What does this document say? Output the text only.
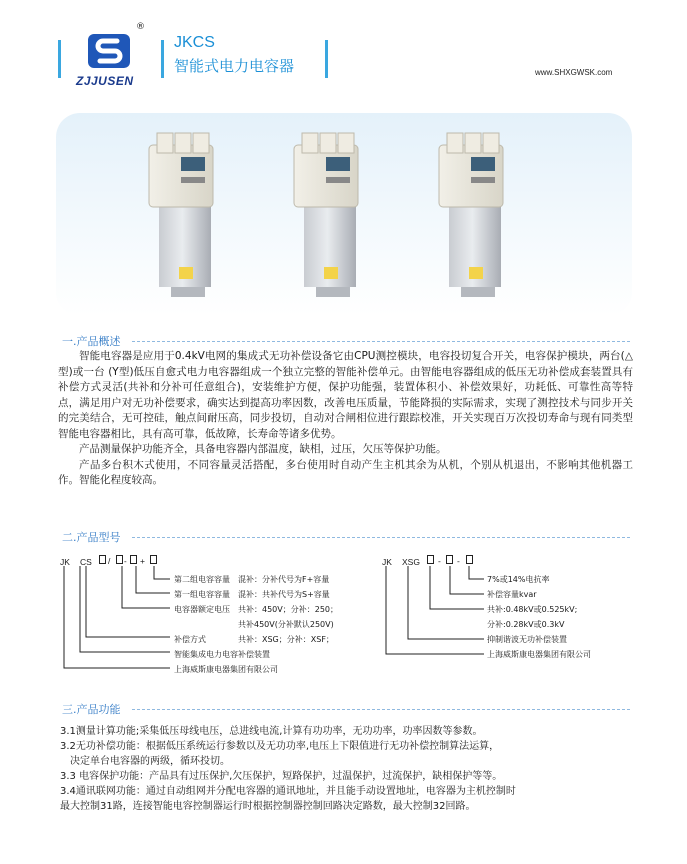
®
ZJJUSEN
JKCS
智能式电力电容器	www.SHXGWSK.com
一.产品概述

智能电容器是应用于0.4kV电网的集成式无功补偿设备它由CPU测控模块，电容投切复合开关，电容保护模块，两台(△型)或一台 (Y型)低压自愈式电力电容器组成一个独立完整的智能补偿单元。由智能电容器组成的低压无功补偿成套装置具有补偿方式灵活(共补和分补可任意组合)，安装维护方便，保护功能强，装置体积小、补偿效果好，功耗低、可靠性高等特点，满足用户对无功补偿要求，确实达到提高功率因数，改善电压质量，节能降损的实际需求，实现了测控技术与同步开关的完美结合，无可控硅，触点间耐压高，同步投切，自动对合闸相位进行跟踪校准，开关实现百万次投切寿命与现有同类型智能电容器相比，具有高可靠，低故障，长寿命等诸多优势。

产品测量保护功能齐全，具备电容器内部温度，缺相，过压，欠压等保护功能。

产品多台积木式使用，不同容量灵活搭配，多台使用时自动产生主机其余为从机，个别从机退出，不影响其他机器工作。智能化程度较高。

二.产品型号
JK CS / - +
第二组电容容量 混补：分补代号为F+容量
第一组电容容量 混补：共补代号为S+容量
电容器额定电压 共补：450V；分补：250；
共补450V(分补默认250V)
补偿方式	共补：XSG；分补：XSF；
智能集成电力电容补偿装置
上海威斯康电器集团有限公司
JK XSG - -
7%或14%电抗率
补偿容量kvar
共补:0.48kV或0.525kV;
分补:0.28kV或0.3kV
抑制谐波无功补偿装置
上海威斯康电器集团有限公司
三.产品功能

3.1测量计算功能;采集低压母线电压，总进线电流,计算有功功率，无功功率，功率因数等参数。

3.2无功补偿功能：根据低压系统运行参数以及无功功率,电压上下限值进行无功补偿控制算法运算，

决定单台电容器的两级，循环投切。

3.3 电容保护功能：产品具有过压保护,欠压保护，短路保护，过温保护，过流保护，缺相保护等等。

3.4通讯联网功能：通过自动组网并分配电容器的通讯地址，并且能手动设置地址，电容器为主机控制时

最大控制31路，连接智能电容控制器运行时根据控制器控制回路决定路数，最大控制32回路。
